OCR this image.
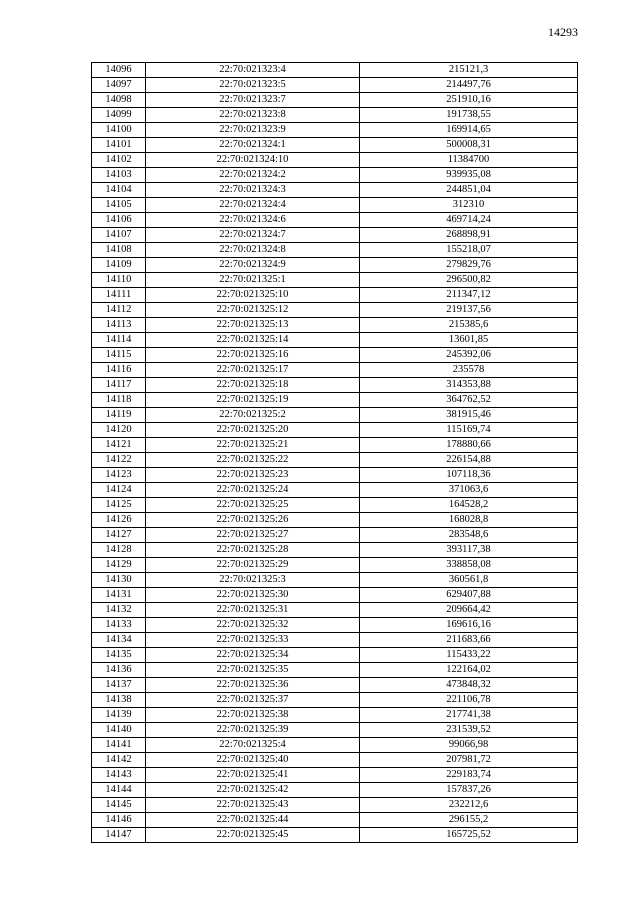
14293
14096	22:70:021323:4	215121,3
14097	22:70:021323:5	214497,76
14098	22:70:021323:7	251910,16
14099	22:70:021323:8	191738,55
14100	22:70:021323:9	169914,65
14101	22:70:021324:1	500008,31
14102	22:70:021324:10	11384700
14103	22:70:021324:2	939935,08
14104	22:70:021324:3	244851,04
14105	22:70:021324:4	312310
14106	22:70:021324:6	469714,24
14107	22:70:021324:7	268898,91
14108	22:70:021324:8	155218,07
14109	22:70:021324:9	279829,76
14110	22:70:021325:1	296500,82
14111	22:70:021325:10	211347,12
14112	22:70:021325:12	219137,56
14113	22:70:021325:13	215385,6
14114	22:70:021325:14	13601,85
14115	22:70:021325:16	245392,06
14116	22:70:021325:17	235578
14117	22:70:021325:18	314353,88
14118	22:70:021325:19	364762,52
14119	22:70:021325:2	381915,46
14120	22:70:021325:20	115169,74
14121	22:70:021325:21	178880,66
14122	22:70:021325:22	226154,88
14123	22:70:021325:23	107118,36
14124	22:70:021325:24	371063,6
14125	22:70:021325:25	164528,2
14126	22:70:021325:26	168028,8
14127	22:70:021325:27	283548,6
14128	22:70:021325:28	393117,38
14129	22:70:021325:29	338858,08
14130	22:70:021325:3	360561,8
14131	22:70:021325:30	629407,88
14132	22:70:021325:31	209664,42
14133	22:70:021325:32	169616,16
14134	22:70:021325:33	211683,66
14135	22:70:021325:34	115433,22
14136	22:70:021325:35	122164,02
14137	22:70:021325:36	473848,32
14138	22:70:021325:37	221106,78
14139	22:70:021325:38	217741,38
14140	22:70:021325:39	231539,52
14141	22:70:021325:4	99066,98
14142	22:70:021325:40	207981,72
14143	22:70:021325:41	229183,74
14144	22:70:021325:42	157837,26
14145	22:70:021325:43	232212,6
14146	22:70:021325:44	296155,2
14147	22:70:021325:45	165725,52
